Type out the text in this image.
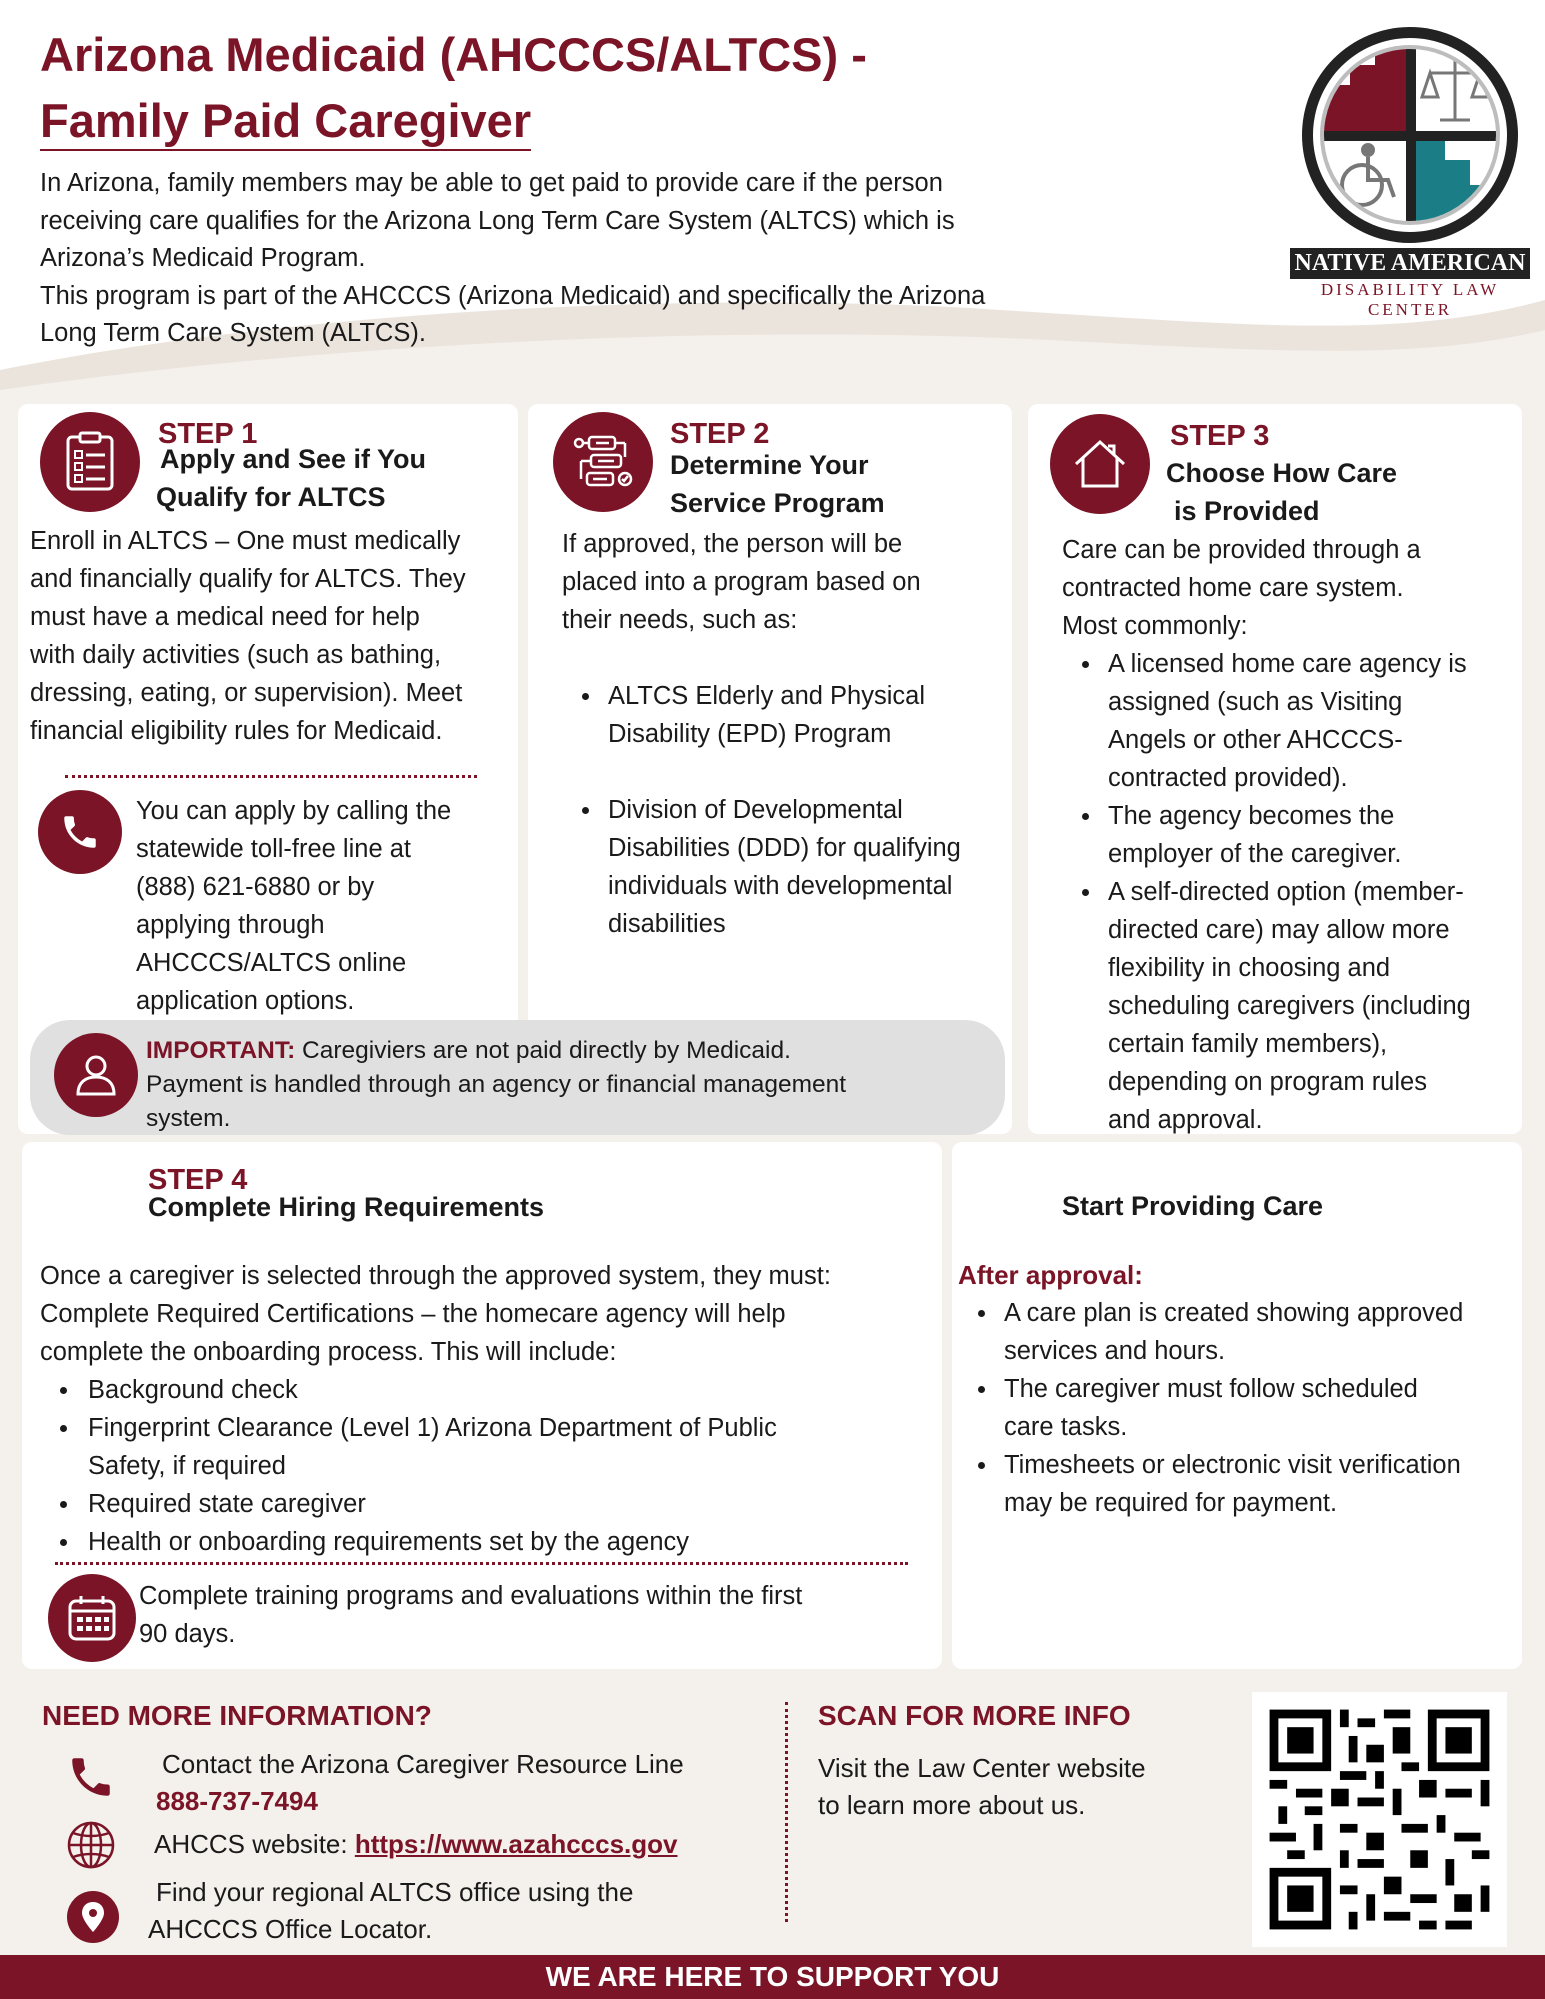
Arizona Medicaid (AHCCCS/ALTCS) -
Family Paid Caregiver
In Arizona, family members may be able to get paid to provide care if the person
receiving care qualifies for the Arizona Long Term Care System (ALTCS) which is
Arizona’s Medicaid Program.
This program is part of the AHCCCS (Arizona Medicaid) and specifically the Arizona
Long Term Care System (ALTCS).
NATIVE AMERICAN
DISABILITY LAW CENTER
STEP 1
Apply and See if You
Qualify for ALTCS
Enroll in ALTCS – One must medically
and financially qualify for ALTCS. They
must have a medical need for help
with daily activities (such as bathing,
dressing, eating, or supervision). Meet
financial eligibility rules for Medicaid.
You can apply by calling the
statewide toll-free line at
(888) 621-6880 or by
applying through
AHCCCS/ALTCS online
application options.
STEP 2
Determine Your
Service Program
If approved, the person will be
placed into a program based on
their needs, such as:
ALTCS Elderly and Physical
Disability (EPD) Program
Division of Developmental
Disabilities (DDD) for qualifying
individuals with developmental
disabilities
STEP 3
Choose How Care
is Provided
Care can be provided through a
contracted home care system.
Most commonly:
A licensed home care agency is
assigned (such as Visiting
Angels or other AHCCCS-
contracted provided).
The agency becomes the
employer of the caregiver.
A self-directed option (member-
directed care) may allow more
flexibility in choosing and
scheduling caregivers (including
certain family members),
depending on program rules
and approval.
IMPORTANT: Caregiviers are not paid directly by Medicaid.
Payment is handled through an agency or financial management
system.
STEP 4
Complete Hiring Requirements
Once a caregiver is selected through the approved system, they must:
Complete Required Certifications – the homecare agency will help
complete the onboarding process. This will include:
Background check
Fingerprint Clearance (Level 1) Arizona Department of Public
Safety, if required
Required state caregiver
Health or onboarding requirements set by the agency
Complete training programs and evaluations within the first
90 days.
Start Providing Care
After approval:
A care plan is created showing approved
services and hours.
The caregiver must follow scheduled
care tasks.
Timesheets or electronic visit verification
may be required for payment.
NEED MORE INFORMATION?
Contact the Arizona Caregiver Resource Line
888-737-7494
AHCCS website: https://www.azahcccs.gov
Find your regional ALTCS office using the
AHCCCS Office Locator.
SCAN FOR MORE INFO
Visit the Law Center website
to learn more about us.
WE ARE HERE TO SUPPORT YOU
